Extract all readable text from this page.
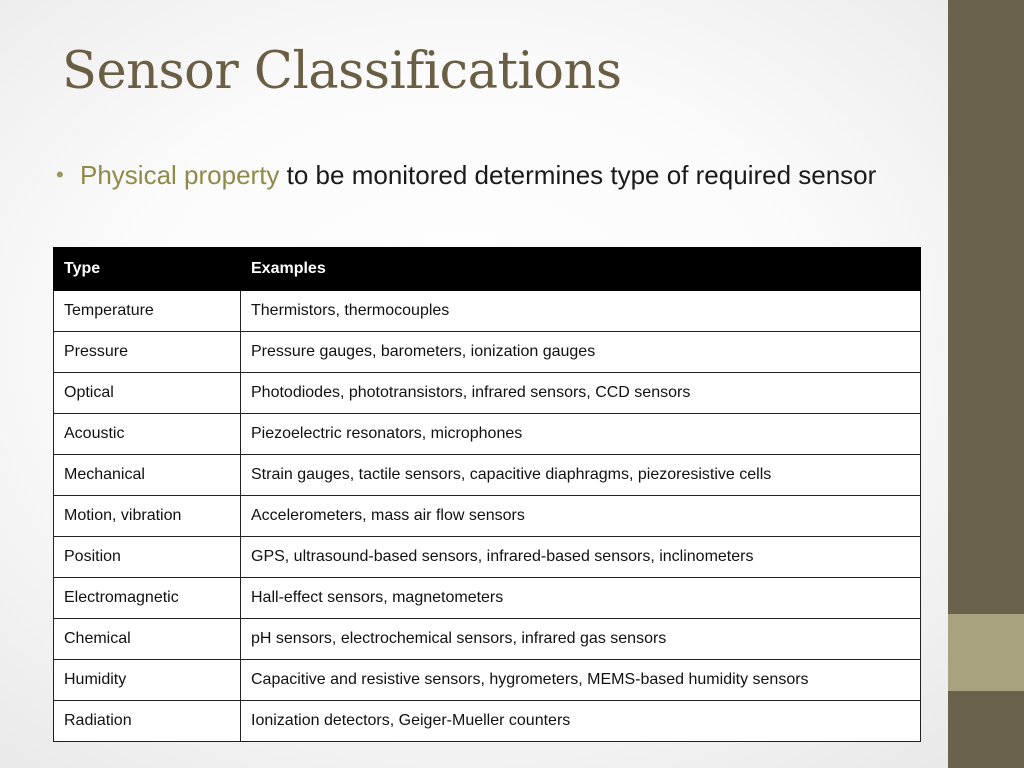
Sensor Classifications
• Physical property to be monitored determines type of required sensor
Type	Examples
Temperature	Thermistors, thermocouples
Pressure	Pressure gauges, barometers, ionization gauges
Optical	Photodiodes, phototransistors, infrared sensors, CCD sensors
Acoustic	Piezoelectric resonators, microphones
Mechanical	Strain gauges, tactile sensors, capacitive diaphragms, piezoresistive cells
Motion, vibration	Accelerometers, mass air flow sensors
Position	GPS, ultrasound-based sensors, infrared-based sensors, inclinometers
Electromagnetic	Hall-effect sensors, magnetometers
Chemical	pH sensors, electrochemical sensors, infrared gas sensors
Humidity	Capacitive and resistive sensors, hygrometers, MEMS-based humidity sensors
Radiation	Ionization detectors, Geiger-Mueller counters
